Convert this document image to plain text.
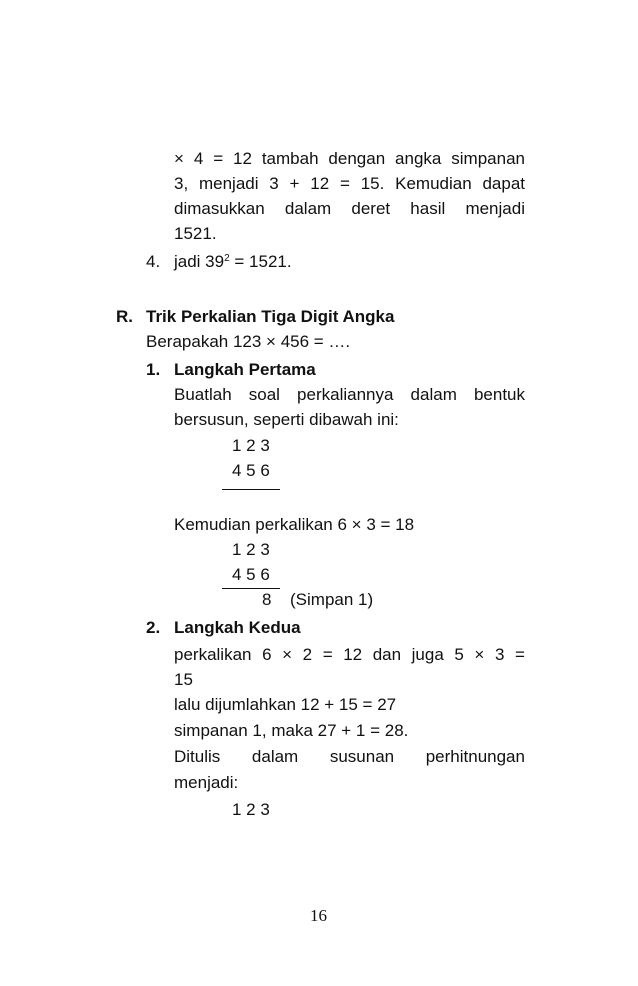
× 4 = 12 tambah dengan angka simpanan
3, menjadi 3 + 12 = 15. Kemudian dapat
dimasukkan dalam deret hasil menjadi
1521.
4. jadi $39^2 = 1521$.
R. Trik Perkalian Tiga Digit Angka
Berapakah 123 × 456 = ….
1. Langkah Pertama
Buatlah soal perkaliannya dalam bentuk
bersusun, seperti dibawah ini:
1 2 3
4 5 6
Kemudian perkalikan 6 × 3 = 18
1 2 3
4 5 6
8 (Simpan 1)
2. Langkah Kedua
perkalikan 6 × 2 = 12 dan juga 5 × 3 =
15
lalu dijumlahkan 12 + 15 = 27
simpanan 1, maka 27 + 1 = 28.
Ditulis dalam susunan perhitnungan
menjadi:
1 2 3
16
